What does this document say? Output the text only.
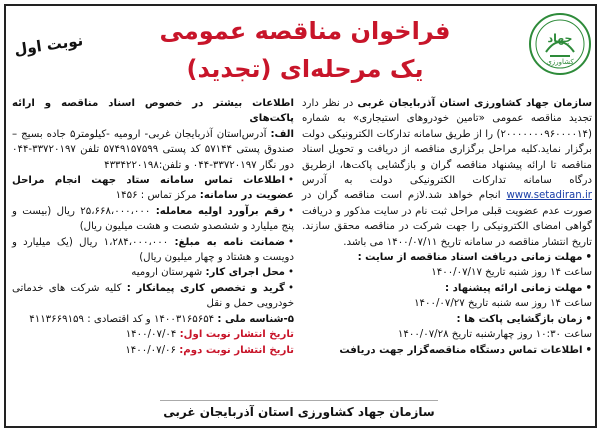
جهاد
کشاورزی
فراخوان مناقصه عمومی
یک مرحله‌ای (تجدید)
نوبت اول

سازمان جهاد کشاورزی استان آذربایجان غربی در نظر دارد تجدید مناقصه عمومی «تامین خودروهای استیجاری» به شماره (۲۰۰۰۰۰۰۰۹۶۰۰۰۰۱۴) را از طریق سامانه تدارکات الکترونیکی دولت برگزار نماید.کلیه مراحل برگزاری مناقصه از دریافت و تحویل اسناد مناقصه تا ارائه پیشنهاد مناقصه گران و بازگشایی پاکت‌ها، ازطریق درگاه سامانه تدارکات الکترونیکی دولت به آدرس www.setadiran.ir انجام خواهد شد.لازم است مناقصه گران در صورت عدم عضویت قبلی مراحل ثبت نام در سایت مذکور و دریافت گواهی امضای الکترونیکی را جهت شرکت در مناقصه محقق سازند. تاریخ انتشار مناقصه در سامانه تاریخ ۱۴۰۰/۰۷/۱۱ می باشد.

• مهلت زمانی دریافت اسناد مناقصه از سایت :

ساعت ۱۴ روز شنبه تاریخ ۱۴۰۰/۰۷/۱۷

• مهلت زمانی ارائه پیشنهاد :

ساعت ۱۴ روز سه شنبه تاریخ ۱۴۰۰/۰۷/۲۷

• زمان بازگشایی پاکت ها :

ساعت ۱۰:۳۰ روز چهارشنبه تاریخ ۱۴۰۰/۰۷/۲۸

• اطلاعات تماس دستگاه مناقصه‌گزار جهت دریافت

اطلاعات بیشتر در خصوص اسناد مناقصه و ارائه پاکت‌های

الف: آدرس‌استان آذربایجان غربی- ارومیه -کیلومتر۵ جاده بسیج – صندوق پستی ۵۷۱۴۴ کد پستی ۵۷۴۹۱۵۷۵۹۹ تلفن ۳۳۷۲۰۱۹۷-۰۴۴ دور نگار ۳۳۷۲۰۱۹۷-۰۴۴ و تلفن:۴۳۳۴۲۲۰۱۹۸

• اطلاعات تماس سامانه ستاد جهت انجام مراحل عضویت در سامانه: مرکز تماس : ۱۴۵۶

• رقم برآورد اولیه معامله: ۲۵،۶۶۸،۰۰۰،۰۰۰ ریال (بیست و پنج میلیارد و ششصدو شصت و هشت میلیون ریال)

• ضمانت نامه به مبلغ: ۱،۲۸۴،۰۰۰،۰۰۰ ریال (یک میلیارد و دویست و هشتاد و چهار میلیون ریال)

• محل اجرای کار: شهرستان ارومیه

• گرید و تخصص کاری پیمانکار : کلیه شرکت های خدماتی خودرویی حمل و نقل

۵-شناسه ملی : ۱۴۰۰۳۱۶۵۶۵۴ و کد اقتصادی : ۴۱۱۳۶۶۹۱۵۹

تاریخ انتشار نوبت اول: ۱۴۰۰/۰۷/۰۴

تاریخ انتشار نوبت دوم: ۱۴۰۰/۰۷/۰۶

سازمان جهاد کشاورزی استان آذربایجان غربی
